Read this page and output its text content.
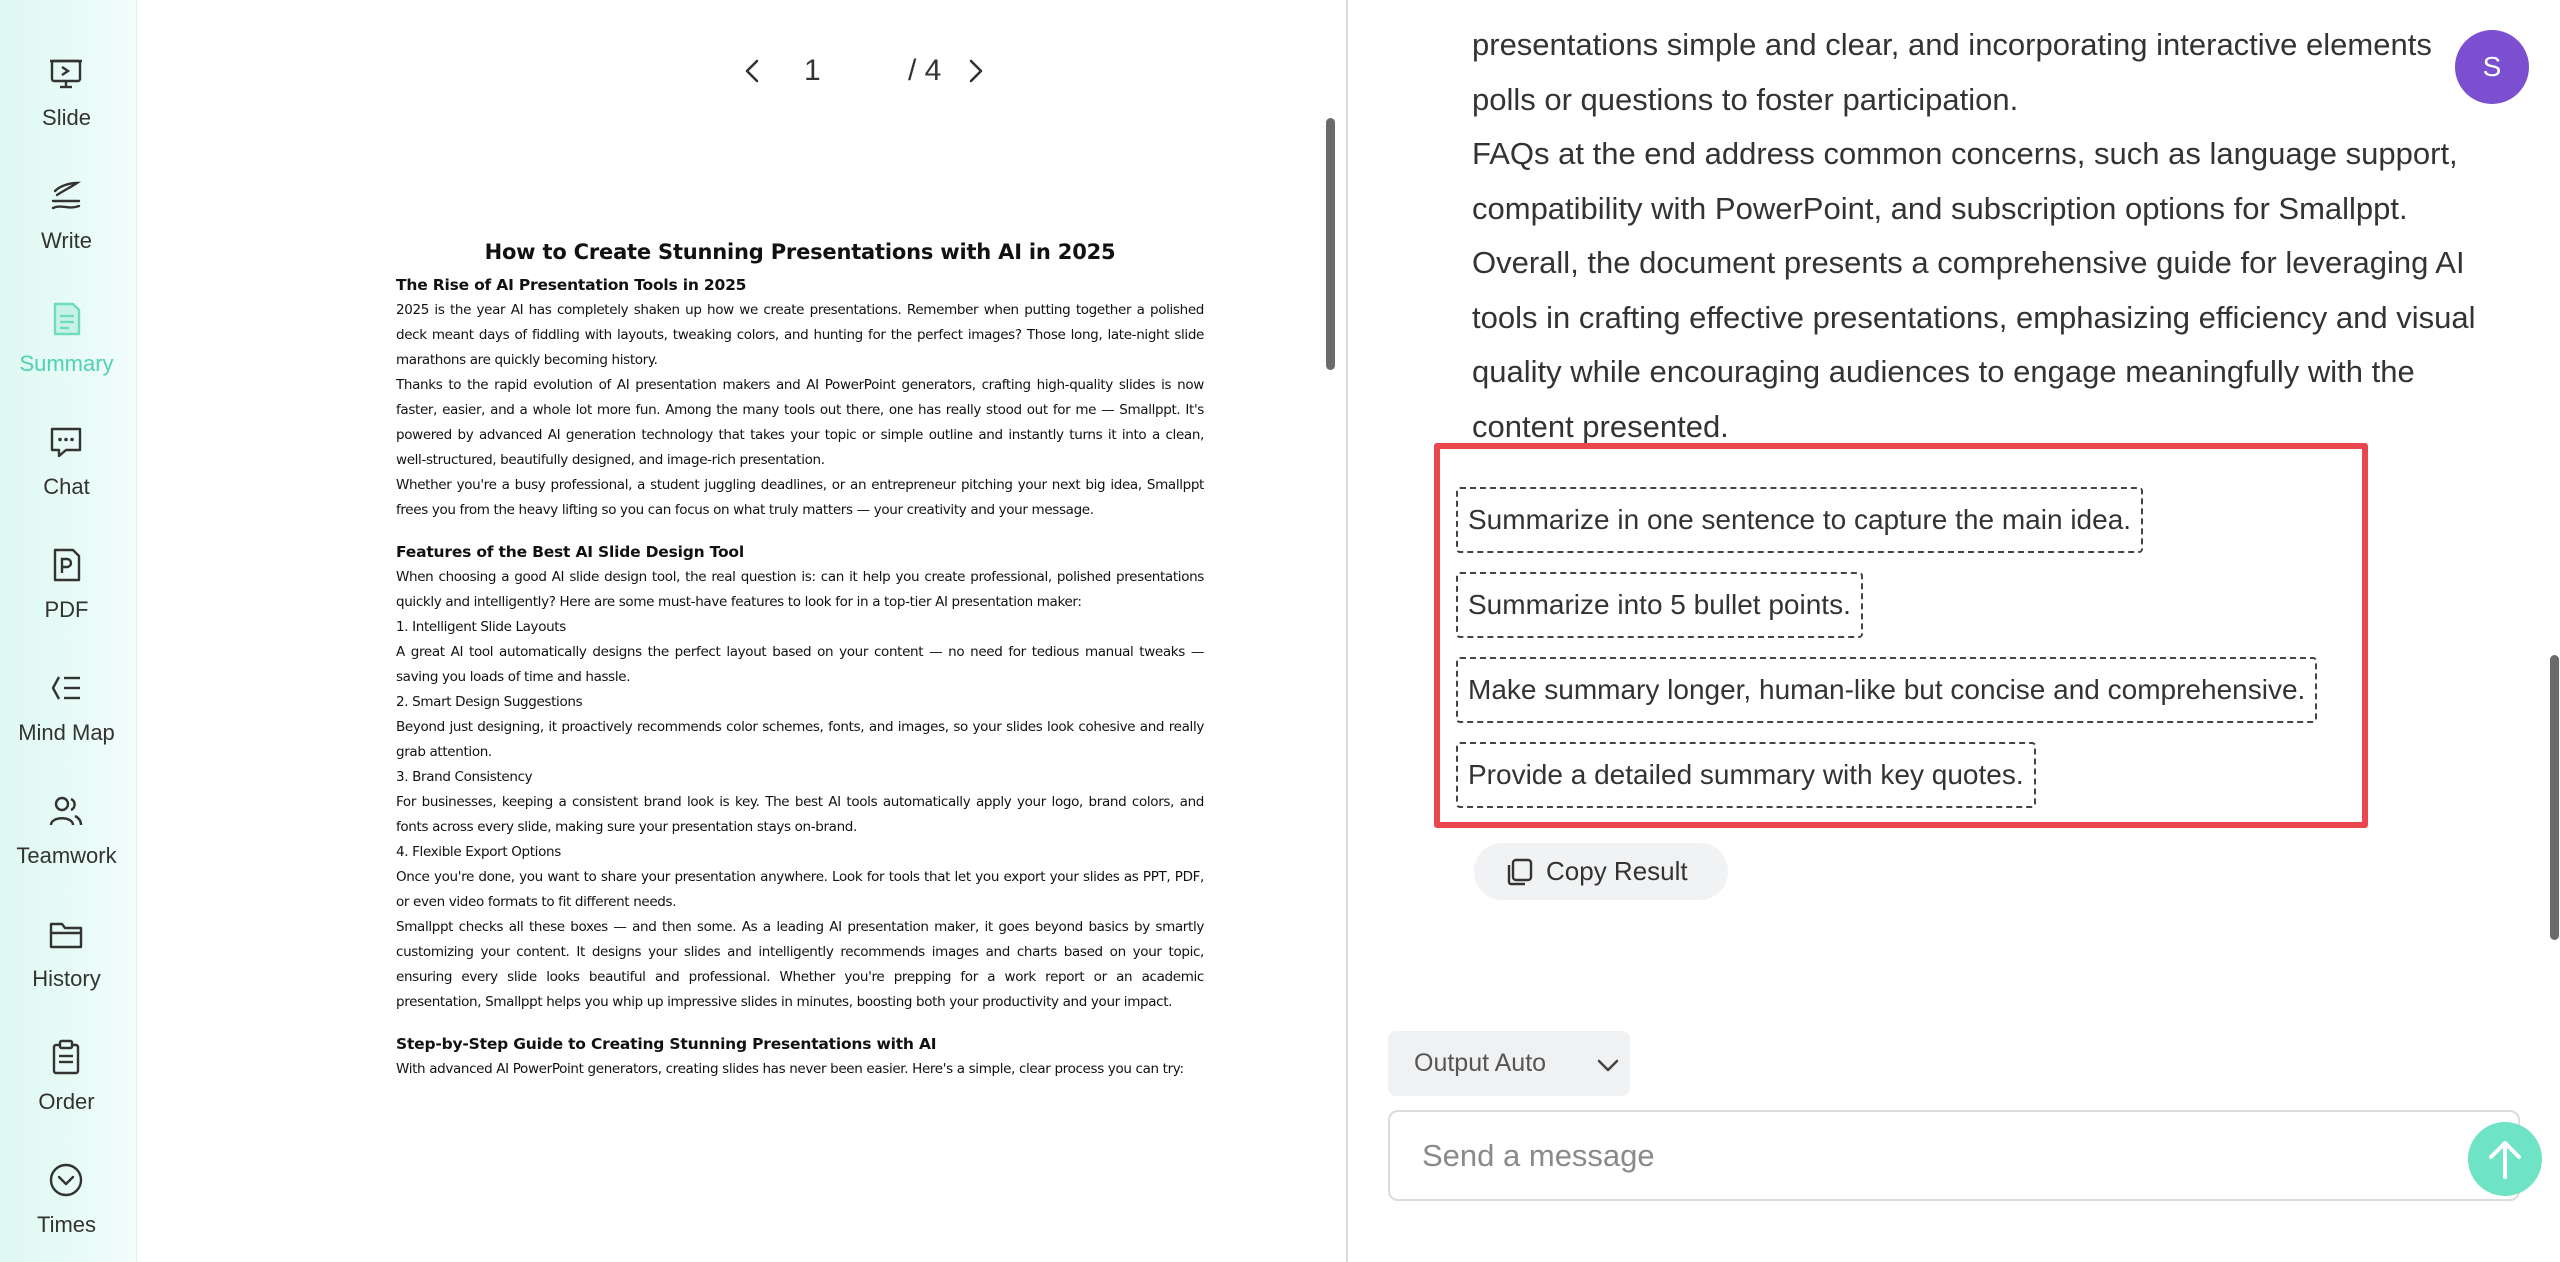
Slide
Write
Summary
Chat
PDF
Mind Map
Teamwork
History
Order
Times
1	/ 4
How to Create Stunning Presentations with AI in 2025
The Rise of AI Presentation Tools in 2025

2025 is the year AI has completely shaken up how we create presentations. Remember when putting together a polished deck meant days of fiddling with layouts, tweaking colors, and hunting for the perfect images? Those long, late-night slide marathons are quickly becoming history.

Thanks to the rapid evolution of AI presentation makers and AI PowerPoint generators, crafting high-quality slides is now faster, easier, and a whole lot more fun. Among the many tools out there, one has really stood out for me — Smallppt. It's powered by advanced AI generation technology that takes your topic or simple outline and instantly turns it into a clean, well-structured, beautifully designed, and image-rich presentation.

Whether you're a busy professional, a student juggling deadlines, or an entrepreneur pitching your next big idea, Smallppt frees you from the heavy lifting so you can focus on what truly matters — your creativity and your message.

Features of the Best AI Slide Design Tool

When choosing a good AI slide design tool, the real question is: can it help you create professional, polished presentations quickly and intelligently? Here are some must-have features to look for in a top-tier AI presentation maker:

1. Intelligent Slide Layouts

A great AI tool automatically designs the perfect layout based on your content — no need for tedious manual tweaks — saving you loads of time and hassle.

2. Smart Design Suggestions

Beyond just designing, it proactively recommends color schemes, fonts, and images, so your slides look cohesive and really grab attention.

3. Brand Consistency

For businesses, keeping a consistent brand look is key. The best AI tools automatically apply your logo, brand colors, and fonts across every slide, making sure your presentation stays on-brand.

4. Flexible Export Options

Once you're done, you want to share your presentation anywhere. Look for tools that let you export your slides as PPT, PDF, or even video formats to fit different needs.

Smallppt checks all these boxes — and then some. As a leading AI presentation maker, it goes beyond basics by smartly customizing your content. It designs your slides and intelligently recommends images and charts based on your topic, ensuring every slide looks beautiful and professional. Whether you're prepping for a work report or an academic presentation, Smallppt helps you whip up impressive slides in minutes, boosting both your productivity and your impact.

Step-by-Step Guide to Creating Stunning Presentations with AI

With advanced AI PowerPoint generators, creating slides has never been easier. Here's a simple, clear process you can try:

presentations simple and clear, and incorporating interactive elements
polls or questions to foster participation.
FAQs at the end address common concerns, such as language support,
compatibility with PowerPoint, and subscription options for Smallppt.
Overall, the document presents a comprehensive guide for leveraging AI
tools in crafting effective presentations, emphasizing efficiency and visual
quality while encouraging audiences to engage meaningfully with the
content presented.
S
Summarize in one sentence to capture the main idea.
Summarize into 5 bullet points.
Make summary longer, human-like but concise and comprehensive.
Provide a detailed summary with key quotes.
Copy Result
Output Auto
Send a message
